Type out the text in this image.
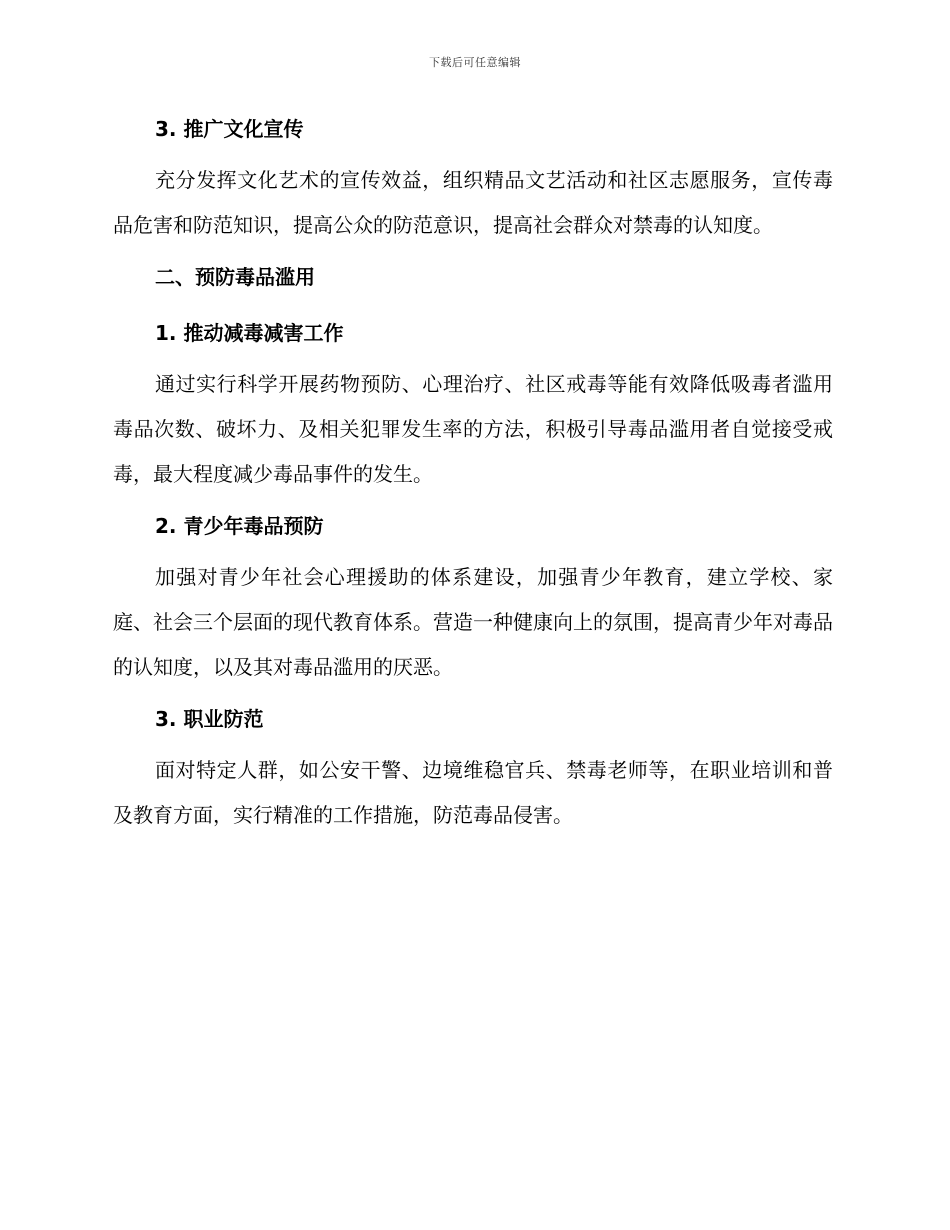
下载后可任意编辑
3. 推广文化宣传

充分发挥文化艺术的宣传效益，组织精品文艺活动和社区志愿服务，宣传毒品危害和防范知识，提高公众的防范意识，提高社会群众对禁毒的认知度。

二、预防毒品滥用
1. 推动减毒减害工作

通过实行科学开展药物预防、心理治疗、社区戒毒等能有效降低吸毒者滥用毒品次数、破坏力、及相关犯罪发生率的方法，积极引导毒品滥用者自觉接受戒毒，最大程度减少毒品事件的发生。

2. 青少年毒品预防

加强对青少年社会心理援助的体系建设，加强青少年教育，建立学校、家庭、社会三个层面的现代教育体系。营造一种健康向上的氛围，提高青少年对毒品的认知度，以及其对毒品滥用的厌恶。

3. 职业防范

面对特定人群，如公安干警、边境维稳官兵、禁毒老师等，在职业培训和普及教育方面，实行精准的工作措施，防范毒品侵害。
